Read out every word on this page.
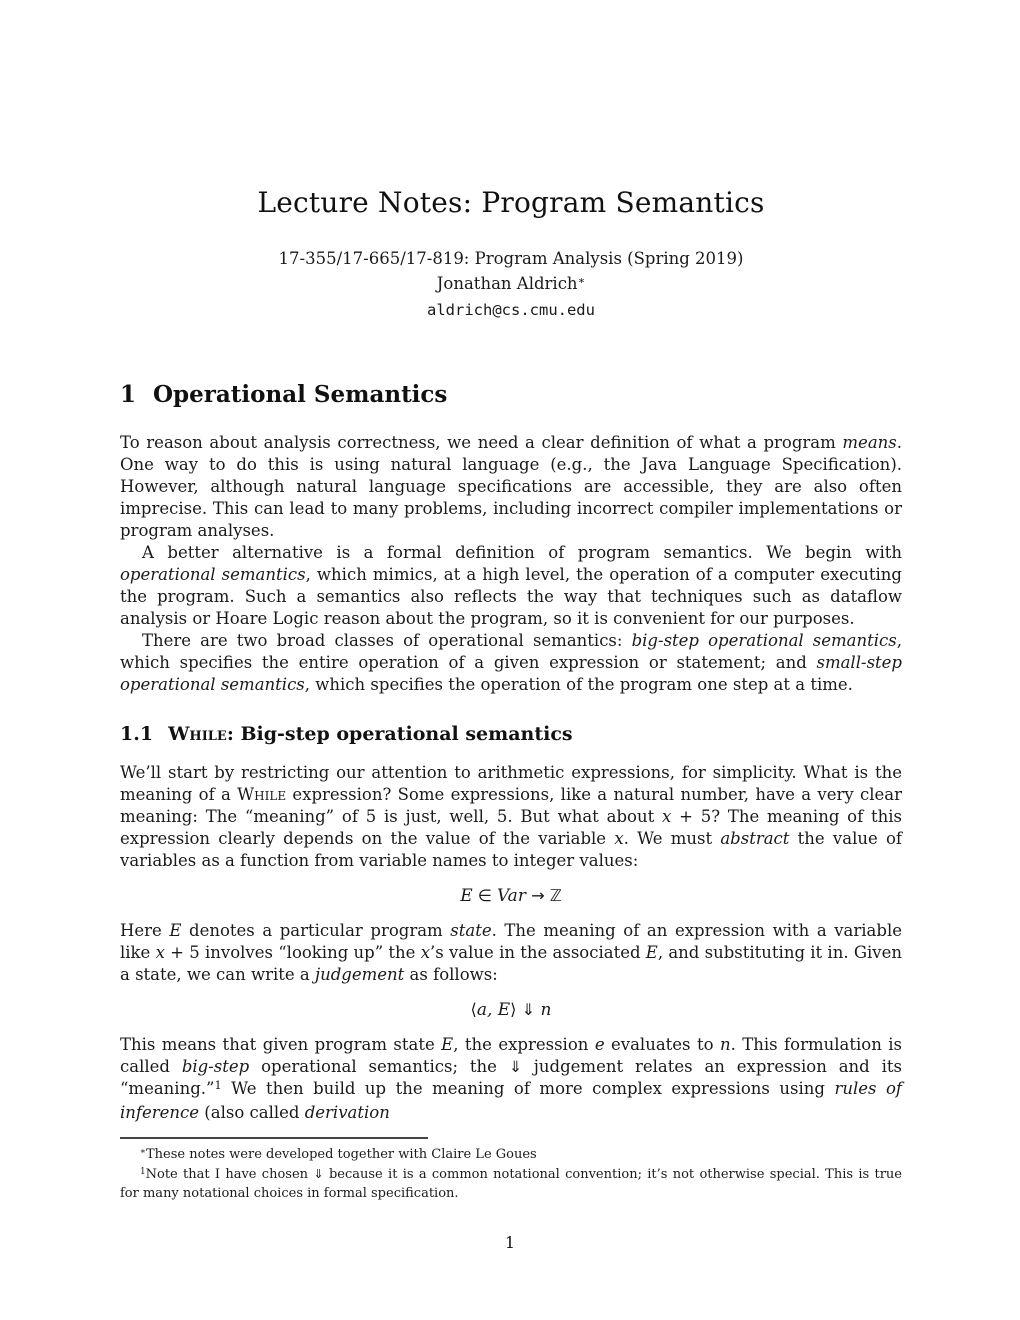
Lecture Notes: Program Semantics
17-355/17-665/17-819: Program Analysis (Spring 2019)
Jonathan Aldrich∗
aldrich@cs.cmu.edu
1 Operational Semantics

To reason about analysis correctness, we need a clear definition of what a program means. One way to do this is using natural language (e.g., the Java Language Specification). However, although natural language specifications are accessible, they are also often imprecise. This can lead to many problems, including incorrect compiler implementations or program analyses.

A better alternative is a formal definition of program semantics. We begin with operational semantics, which mimics, at a high level, the operation of a computer executing the program. Such a semantics also reflects the way that techniques such as dataflow analysis or Hoare Logic reason about the program, so it is convenient for our purposes.

There are two broad classes of operational semantics: big-step operational semantics, which specifies the entire operation of a given expression or statement; and small-step operational semantics, which specifies the operation of the program one step at a time.

1.1 While: Big-step operational semantics

We’ll start by restricting our attention to arithmetic expressions, for simplicity. What is the meaning of a While expression? Some expressions, like a natural number, have a very clear meaning: The “meaning” of 5 is just, well, 5. But what about x + 5? The meaning of this expression clearly depends on the value of the variable x. We must abstract the value of variables as a function from variable names to integer values:

E ∈ Var → ℤ

Here E denotes a particular program state. The meaning of an expression with a variable like x + 5 involves “looking up” the x’s value in the associated E, and substituting it in. Given a state, we can write a judgement as follows:

⟨a, E⟩ ⇓ n

This means that given program state E, the expression e evaluates to n. This formulation is called big-step operational semantics; the ⇓ judgement relates an expression and its “meaning.”$^1$ We then build up the meaning of more complex expressions using rules of inference (also called derivation

∗These notes were developed together with Claire Le Goues
$^1$Note that I have chosen ⇓ because it is a common notational convention; it’s not otherwise special. This is true for many notational choices in formal specification.
1
